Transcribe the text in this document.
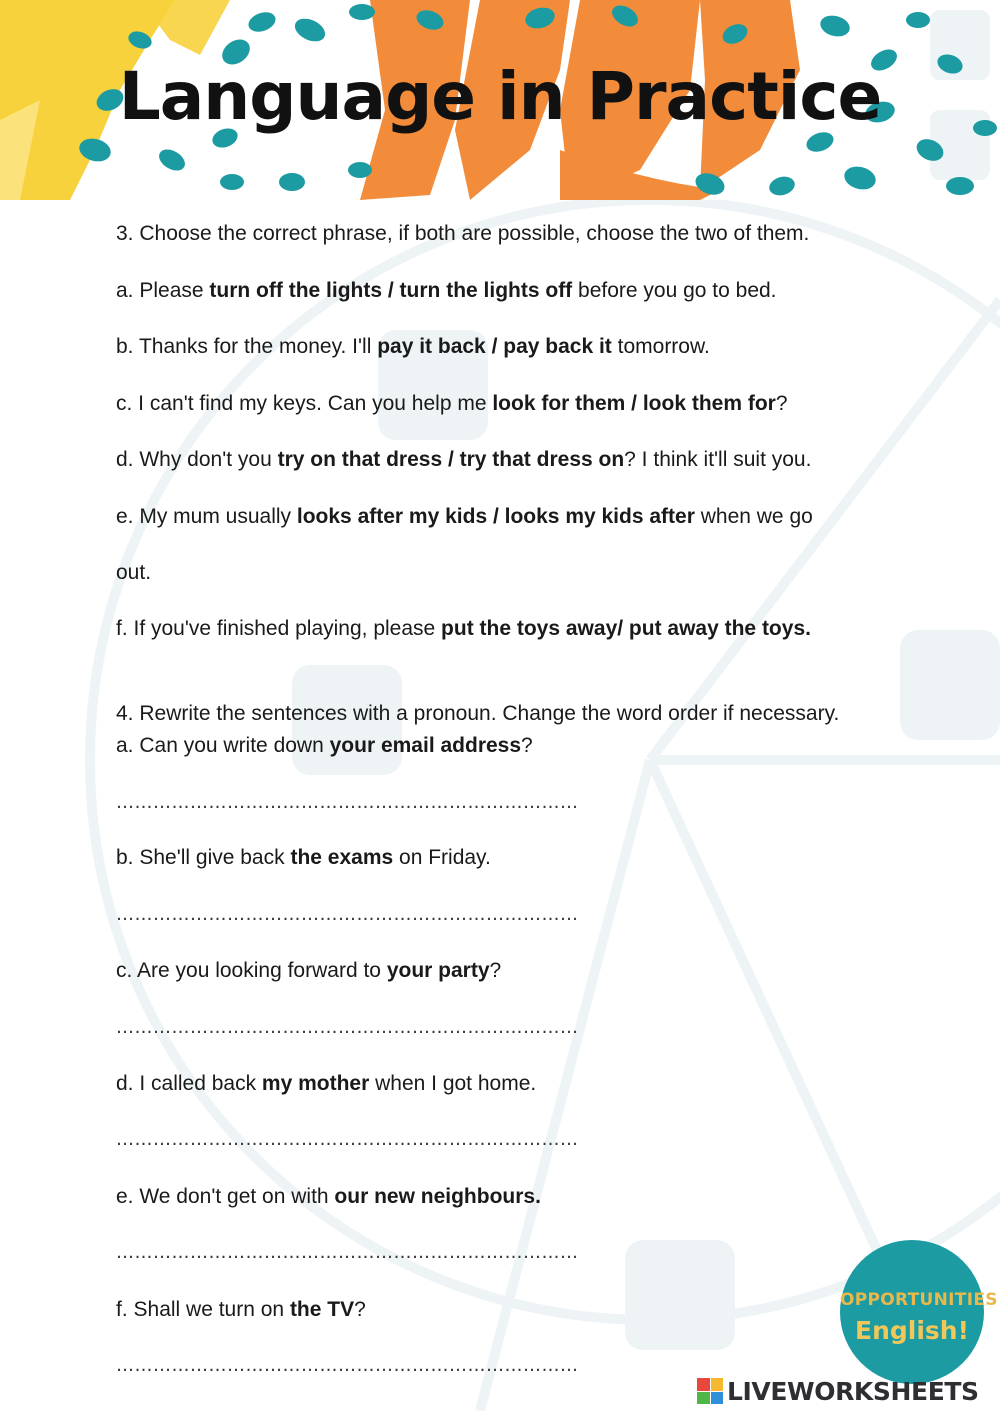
Language in Practice

3. Choose the correct phrase, if both are possible, choose the two of them.

a. Please turn off the lights / turn the lights off before you go to bed.

b. Thanks for the money. I'll pay it back / pay back it tomorrow.

c. I can't find my keys. Can you help me look for them / look them for?

d. Why don't you try on that dress / try that dress on? I think it'll suit you.

e. My mum usually looks after my kids / looks my kids after when we go

out.

f. If you've finished playing, please put the toys away/ put away the toys.

4. Rewrite the sentences with a pronoun. Change the word order if necessary.

a. Can you write down your email address?

…………………………………………………………………

b. She'll give back the exams on Friday.

…………………………………………………………………

c. Are you looking forward to your party?

…………………………………………………………………

d. I called back my mother when I got home.

…………………………………………………………………

e. We don't get on with our new neighbours.

…………………………………………………………………

f. Shall we turn on the TV?

…………………………………………………………………
OPPORTUNITIES
English!
LIVEWORKSHEETS
